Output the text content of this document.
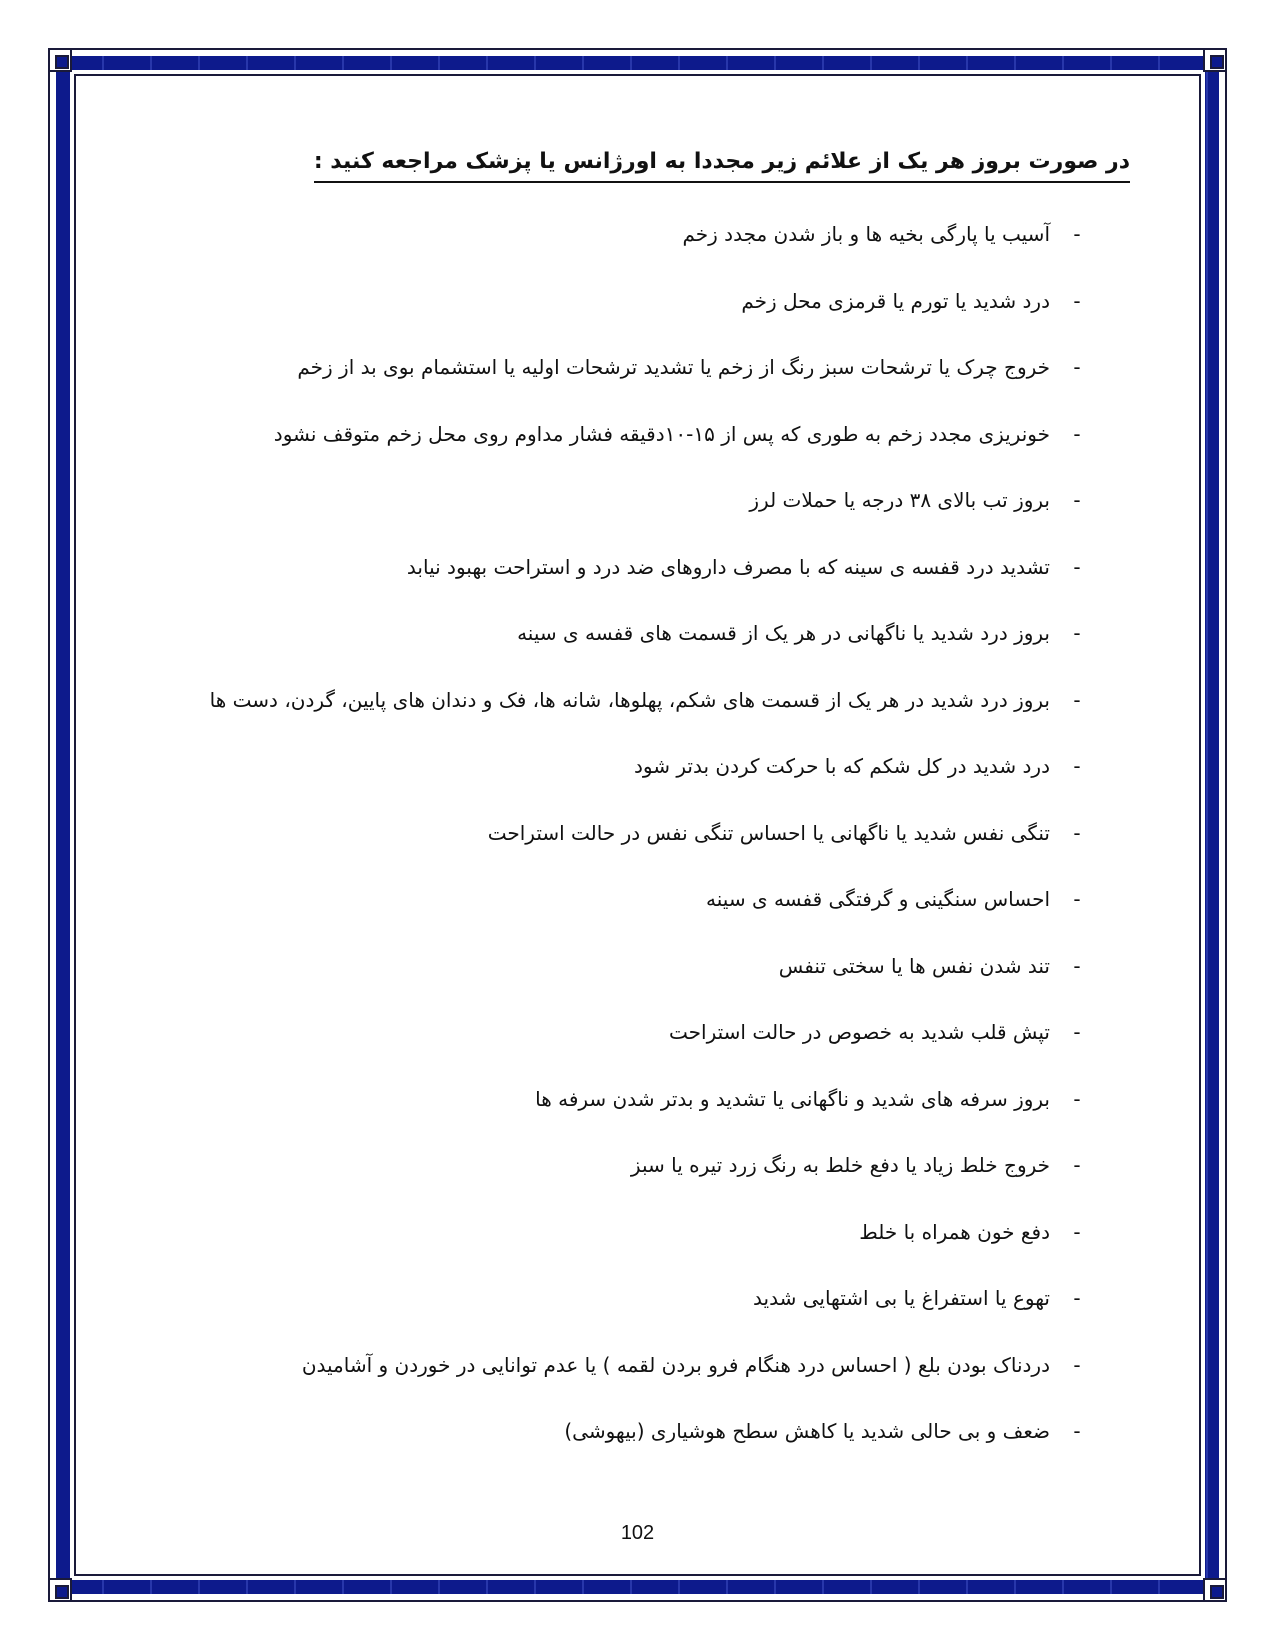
در صورت بروز هر یک از علائم زیر مجددا به اورژانس یا پزشک مراجعه کنید :
-
آسیب یا پارگی بخیه ها و باز شدن مجدد زخم
-
درد شدید یا تورم یا قرمزی محل زخم
-
خروج چرک یا ترشحات سبز رنگ از زخم یا تشدید ترشحات اولیه یا استشمام بوی بد از زخم
-
خونریزی مجدد زخم به طوری که پس از ۱۵-۱۰دقیقه فشار مداوم روی محل زخم متوقف نشود
-
بروز تب بالای ۳۸ درجه یا حملات لرز
-
تشدید درد قفسه ی سینه که با مصرف داروهای ضد درد و استراحت بهبود نیابد
-
بروز درد شدید یا ناگهانی در هر یک از قسمت های قفسه ی سینه
-
بروز درد شدید در هر یک از قسمت های شکم، پهلوها، شانه ها، فک و دندان های پایین، گردن، دست ها
-
درد شدید در کل شکم که با حرکت کردن بدتر شود
-
تنگی نفس شدید یا ناگهانی یا احساس تنگی نفس در حالت استراحت
-
احساس سنگینی و گرفتگی قفسه ی سینه
-
تند شدن نفس ها یا سختی تنفس
-
تپش قلب شدید به خصوص در حالت استراحت
-
بروز سرفه های شدید و ناگهانی یا تشدید و بدتر شدن سرفه ها
-
خروج خلط زیاد یا دفع خلط به رنگ زرد تیره یا سبز
-
دفع خون همراه با خلط
-
تهوع یا استفراغ یا بی اشتهایی شدید
-
دردناک بودن بلع ( احساس درد هنگام فرو بردن لقمه ) یا عدم توانایی در خوردن و آشامیدن
-
ضعف و بی حالی شدید یا کاهش سطح هوشیاری (بیهوشی)
102
